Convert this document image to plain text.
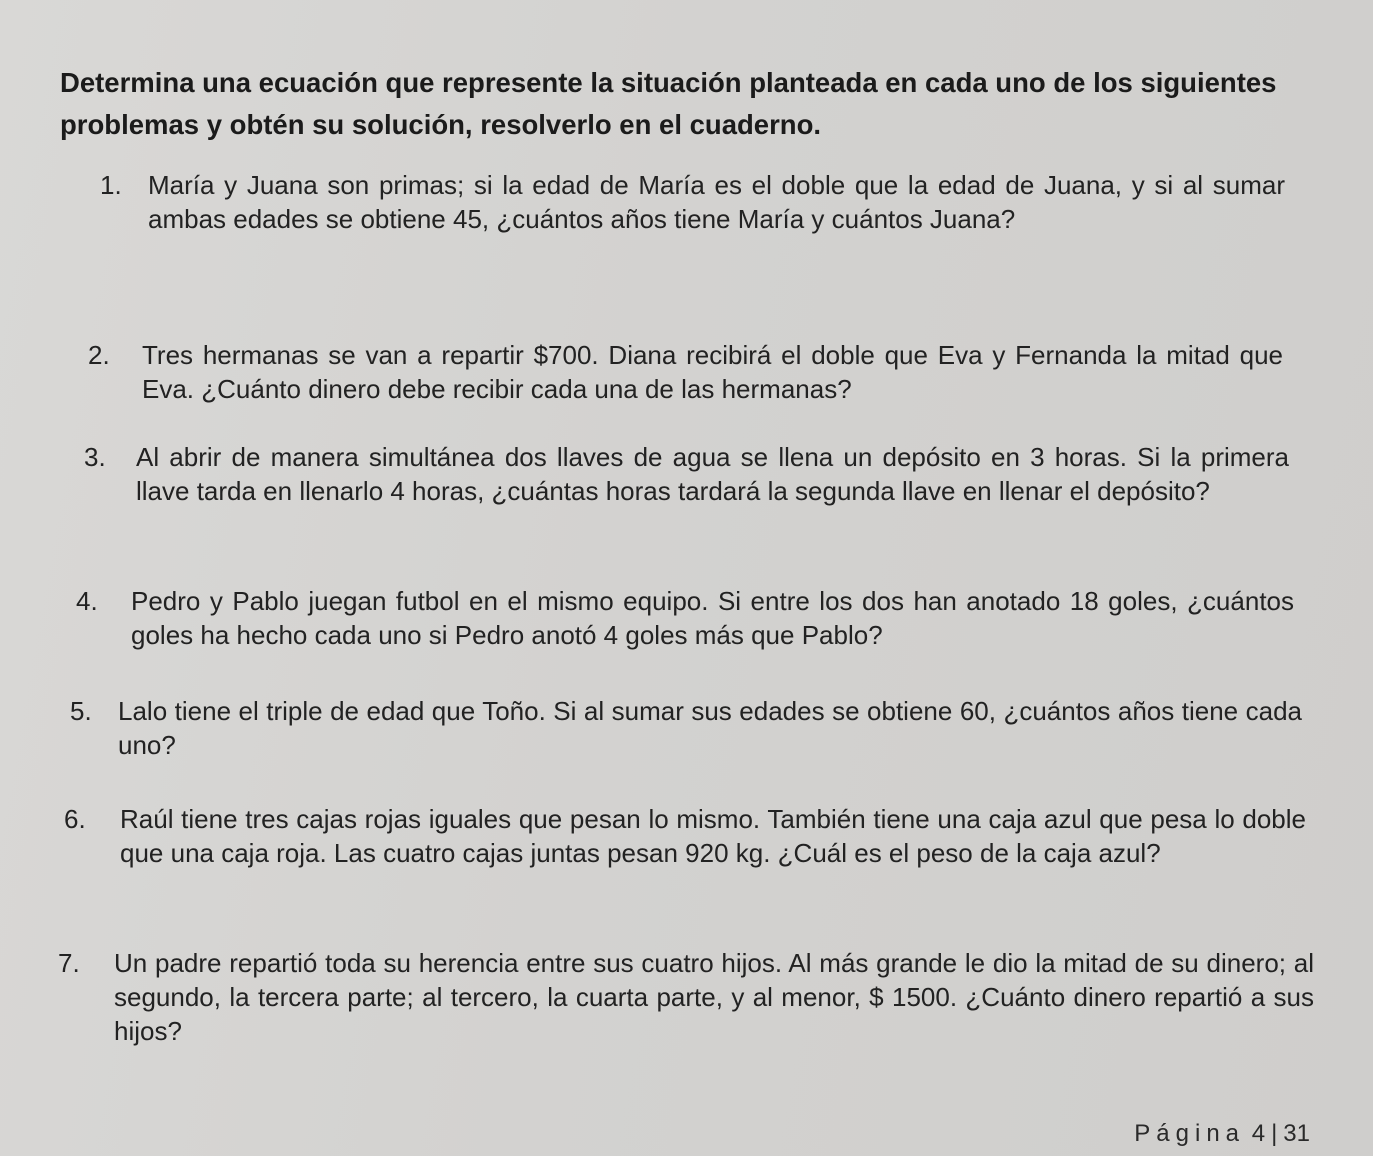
Determina una ecuación que represente la situación planteada en cada uno de los siguientes problemas y obtén su solución, resolverlo en el cuaderno.
1. María y Juana son primas; si la edad de María es el doble que la edad de Juana, y si al sumar ambas edades se obtiene 45, ¿cuántos años tiene María y cuántos Juana?
2. Tres hermanas se van a repartir $700. Diana recibirá el doble que Eva y Fernanda la mitad que Eva. ¿Cuánto dinero debe recibir cada una de las hermanas?
3. Al abrir de manera simultánea dos llaves de agua se llena un depósito en 3 horas. Si la primera llave tarda en llenarlo 4 horas, ¿cuántas horas tardará la segunda llave en llenar el depósito?
4. Pedro y Pablo juegan futbol en el mismo equipo. Si entre los dos han anotado 18 goles, ¿cuántos goles ha hecho cada uno si Pedro anotó 4 goles más que Pablo?
5. Lalo tiene el triple de edad que Toño. Si al sumar sus edades se obtiene 60, ¿cuántos años tiene cada uno?
6. Raúl tiene tres cajas rojas iguales que pesan lo mismo. También tiene una caja azul que pesa lo doble que una caja roja. Las cuatro cajas juntas pesan 920 kg. ¿Cuál es el peso de la caja azul?
7. Un padre repartió toda su herencia entre sus cuatro hijos. Al más grande le dio la mitad de su dinero; al segundo, la tercera parte; al tercero, la cuarta parte, y al menor, $ 1500. ¿Cuánto dinero repartió a sus hijos?
Página 4 | 31
